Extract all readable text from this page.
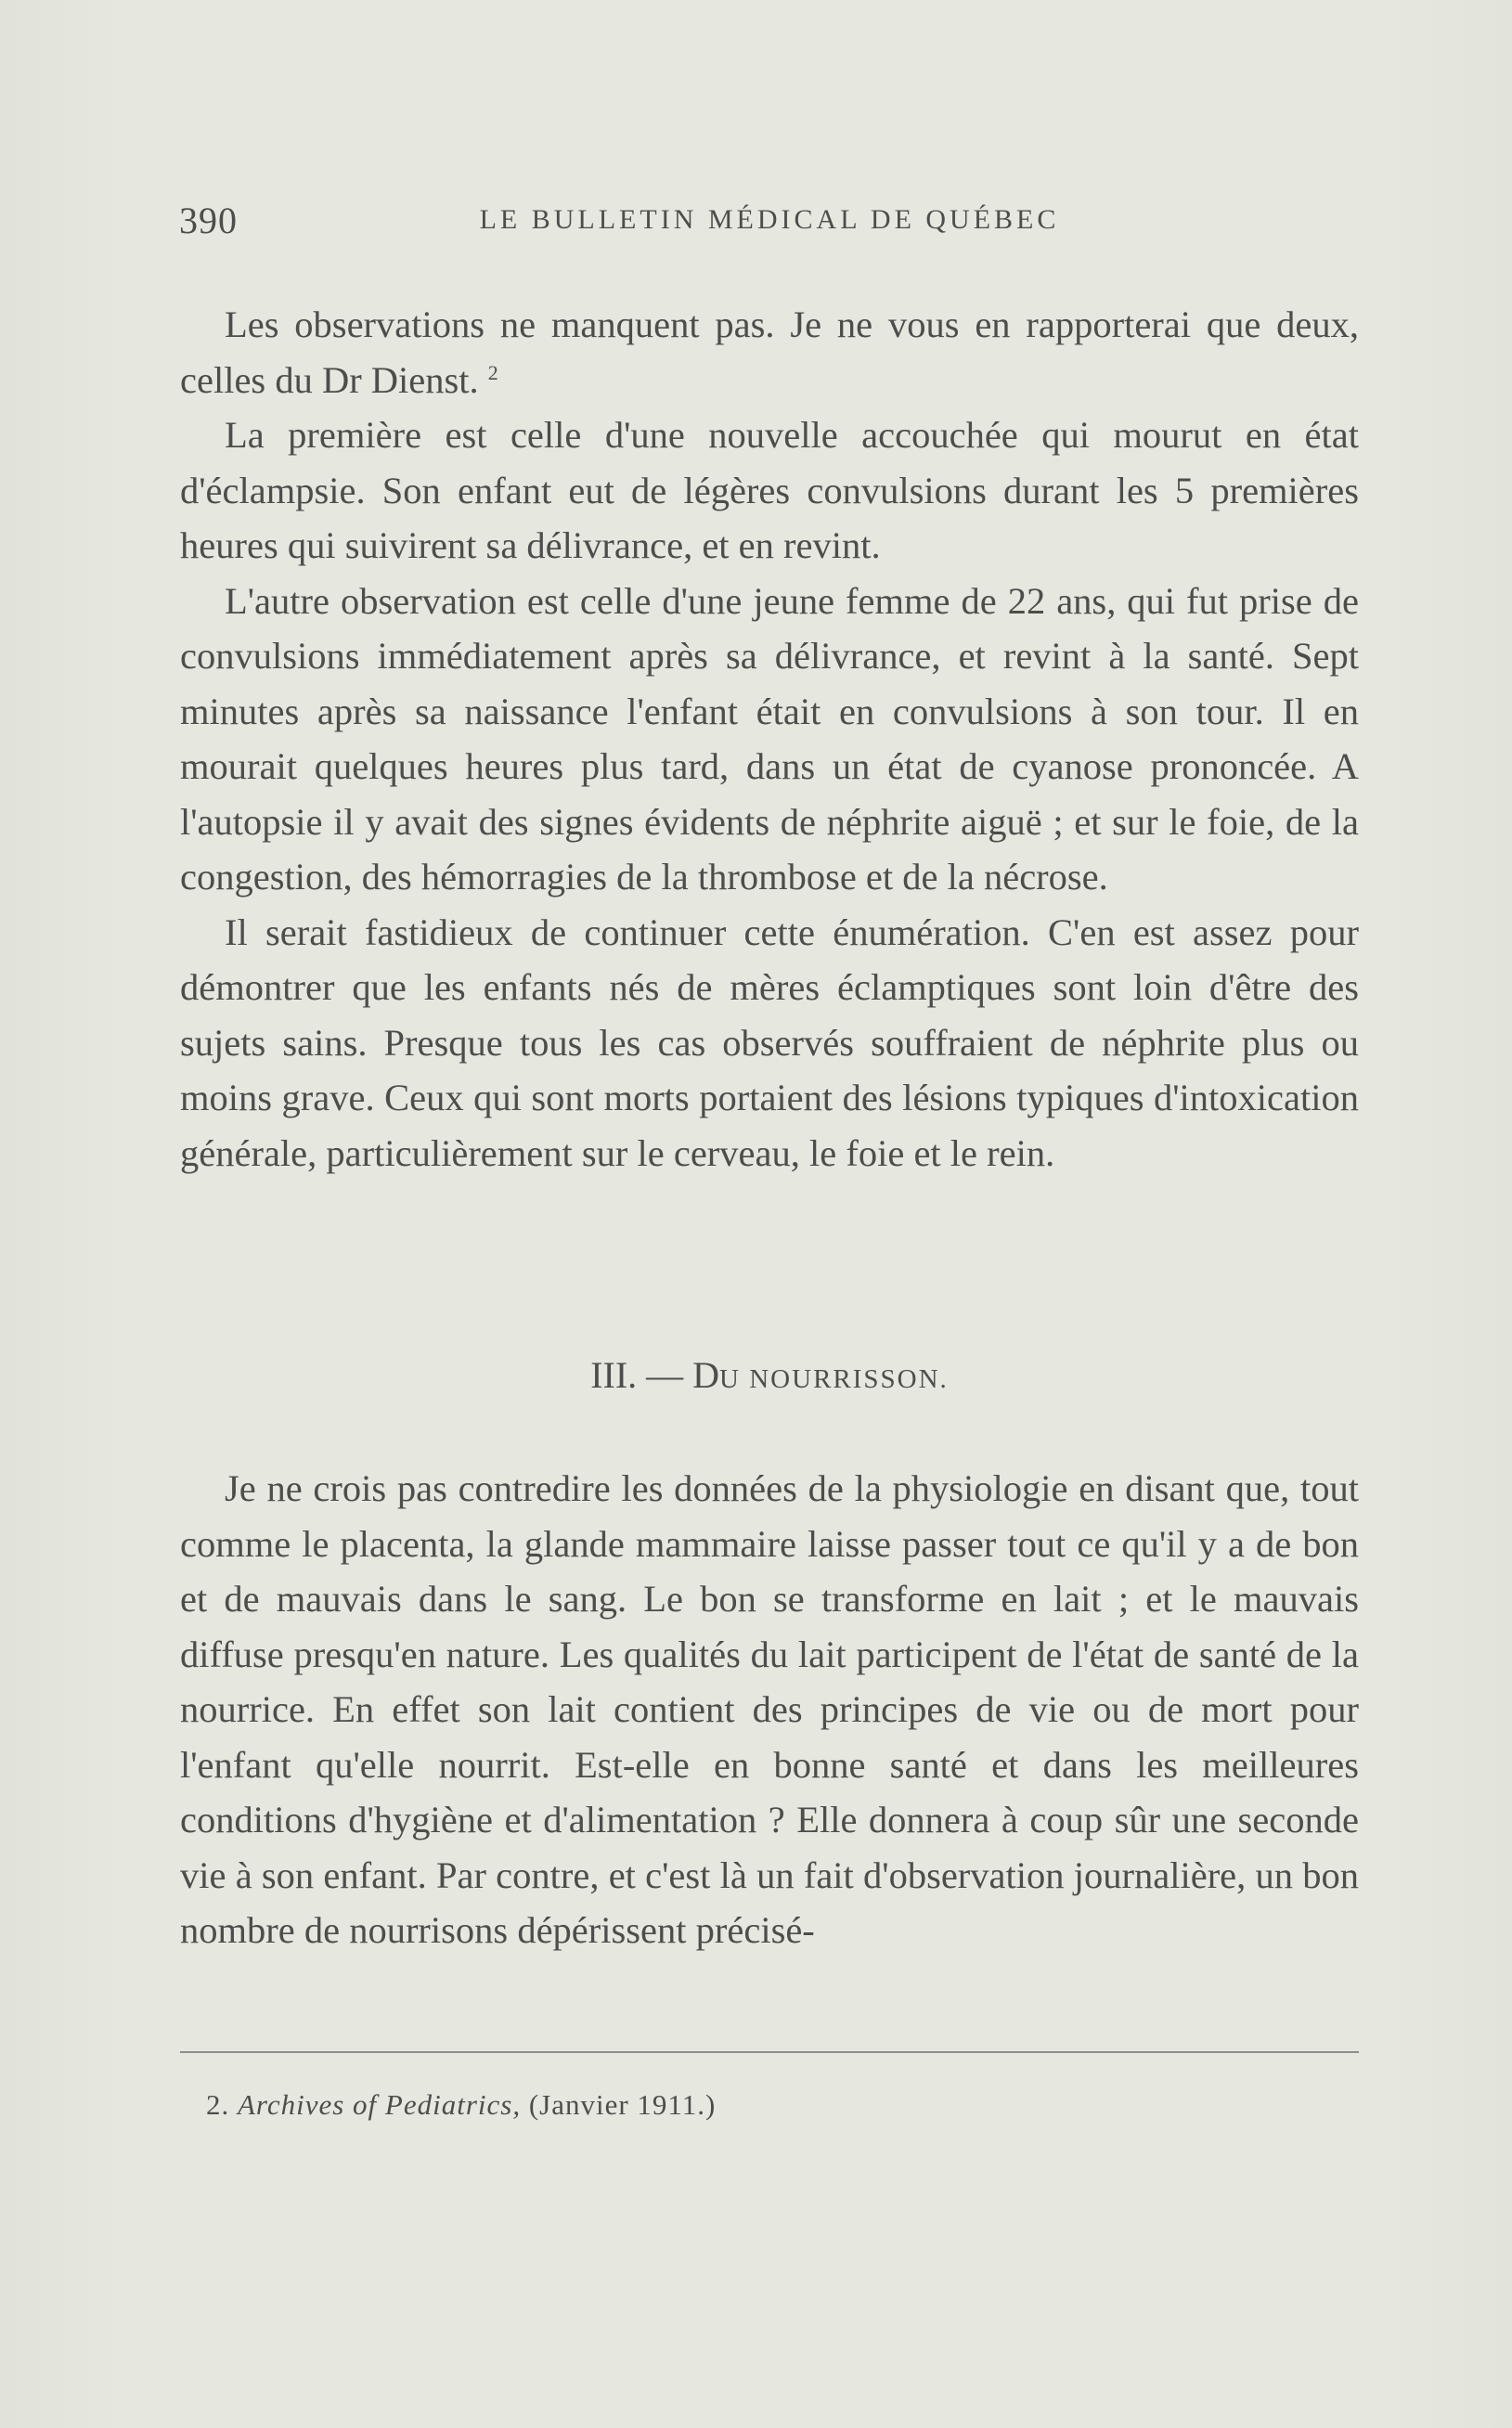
390	LE BULLETIN MÉDICAL DE QUÉBEC

Les observations ne manquent pas. Je ne vous en rapporterai que deux, celles du Dr Dienst. $^2$

La première est celle d'une nouvelle accouchée qui mourut en état d'éclampsie. Son enfant eut de légères convulsions durant les 5 premières heures qui suivirent sa délivrance, et en revint.

L'autre observation est celle d'une jeune femme de 22 ans, qui fut prise de convulsions immédiatement après sa délivrance, et revint à la santé. Sept minutes après sa naissance l'enfant était en convulsions à son tour. Il en mourait quelques heures plus tard, dans un état de cyanose prononcée. A l'autopsie il y avait des signes évidents de néphrite aiguë ; et sur le foie, de la congestion, des hémorragies de la thrombose et de la nécrose.

Il serait fastidieux de continuer cette énumération. C'en est assez pour démontrer que les enfants nés de mères éclamptiques sont loin d'être des sujets sains. Presque tous les cas observés souffraient de néphrite plus ou moins grave. Ceux qui sont morts portaient des lésions typiques d'intoxication générale, particulièrement sur le cerveau, le foie et le rein.

III. — DU NOURRISSON.

Je ne crois pas contredire les données de la physiologie en disant que, tout comme le placenta, la glande mammaire laisse passer tout ce qu'il y a de bon et de mauvais dans le sang. Le bon se transforme en lait ; et le mauvais diffuse presqu'en nature. Les qualités du lait participent de l'état de santé de la nourrice. En effet son lait contient des principes de vie ou de mort pour l'enfant qu'elle nourrit. Est-elle en bonne santé et dans les meilleures conditions d'hygiène et d'alimentation ? Elle donnera à coup sûr une seconde vie à son enfant. Par contre, et c'est là un fait d'observation journalière, un bon nombre de nourrisons dépérissent précisé-

2. Archives of Pediatrics, (Janvier 1911.)
